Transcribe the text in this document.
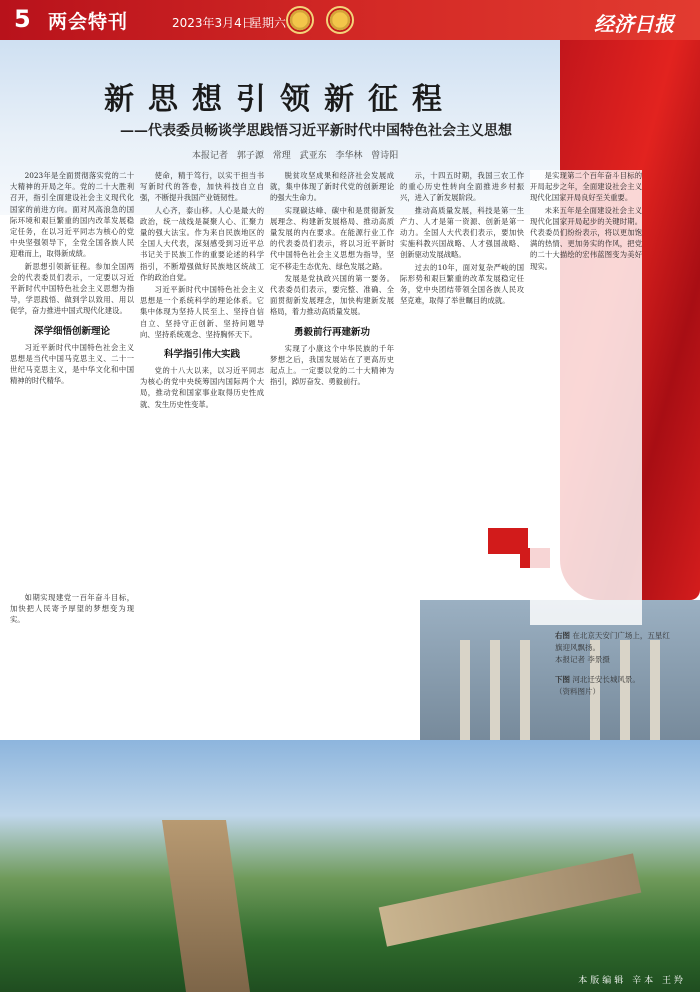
5 两会特刊	2023年3月4日
星期六	经济日报
新思想引领新征程
——代表委员畅谈学思践悟习近平新时代中国特色社会主义思想
本报记者 郭子源 常理 武亚东 李华林 曾诗阳

2023年是全面贯彻落实党的二十大精神的开局之年。党的二十大胜利召开，指引全面建设社会主义现代化国家的前进方向。面对风高浪急的国际环境和艰巨繁重的国内改革发展稳定任务，在以习近平同志为核心的党中央坚强领导下，全党全国各族人民迎难而上，取得新成绩。

新思想引领新征程。参加全国两会的代表委员们表示，一定要以习近平新时代中国特色社会主义思想为指导，学思践悟、做到学以致用、用以促学，奋力推进中国式现代化建设。

深学细悟创新理论

习近平新时代中国特色社会主义思想是当代中国马克思主义、二十一世纪马克思主义，是中华文化和中国精神的时代精华。

如期实现建党一百年奋斗目标，加快把人民寄予厚望的梦想变为现实。

使命，精于笃行，以实干担当书写新时代的答卷，加快科技自立自强，不断提升我国产业链韧性。

人心齐，泰山移。人心是最大的政治，统一战线是凝聚人心、汇聚力量的强大法宝。作为来自民族地区的全国人大代表，深刻感受到习近平总书记关于民族工作的重要论述的科学指引，不断增强做好民族地区统战工作的政治自觉。

习近平新时代中国特色社会主义思想是一个系统科学的理论体系。它集中体现为坚持人民至上、坚持自信自立、坚持守正创新、坚持问题导向、坚持系统观念、坚持胸怀天下。

科学指引伟大实践

党的十八大以来，以习近平同志为核心的党中央统筹国内国际两个大局，推动党和国家事业取得历史性成就、发生历史性变革。

脱贫攻坚成果和经济社会发展成就，集中体现了新时代党的创新理论的强大生命力。

实现碳达峰、碳中和是贯彻新发展理念、构建新发展格局、推动高质量发展的内在要求。在能源行业工作的代表委员们表示，将以习近平新时代中国特色社会主义思想为指导，坚定不移走生态优先、绿色发展之路。

发展是党执政兴国的第一要务。代表委员们表示，要完整、准确、全面贯彻新发展理念，加快构建新发展格局，着力推动高质量发展。

勇毅前行再建新功

实现了小康这个中华民族的千年梦想之后，我国发展站在了更高历史起点上。一定要以党的二十大精神为指引，踔厉奋发、勇毅前行。

示，十四五时期，我国三农工作的重心历史性转向全面推进乡村振兴，进入了新发展阶段。

推动高质量发展，科技是第一生产力、人才是第一资源、创新是第一动力。全国人大代表们表示，要加快实施科教兴国战略、人才强国战略、创新驱动发展战略。

过去的10年，面对复杂严峻的国际形势和艰巨繁重的改革发展稳定任务，党中央团结带领全国各族人民攻坚克难，取得了举世瞩目的成就。

是实现第二个百年奋斗目标的开局起步之年，全面建设社会主义现代化国家开局良好至关重要。

未来五年是全面建设社会主义现代化国家开局起步的关键时期。代表委员们纷纷表示，将以更加饱满的热情、更加务实的作风，把党的二十大描绘的宏伟蓝图变为美好现实。

右图 在北京天安门广场上，五星红旗迎风飘扬。
本报记者 李景摄
下图 河北迁安长城风景。
（资料图片）
本版编辑 辛本 王羚
